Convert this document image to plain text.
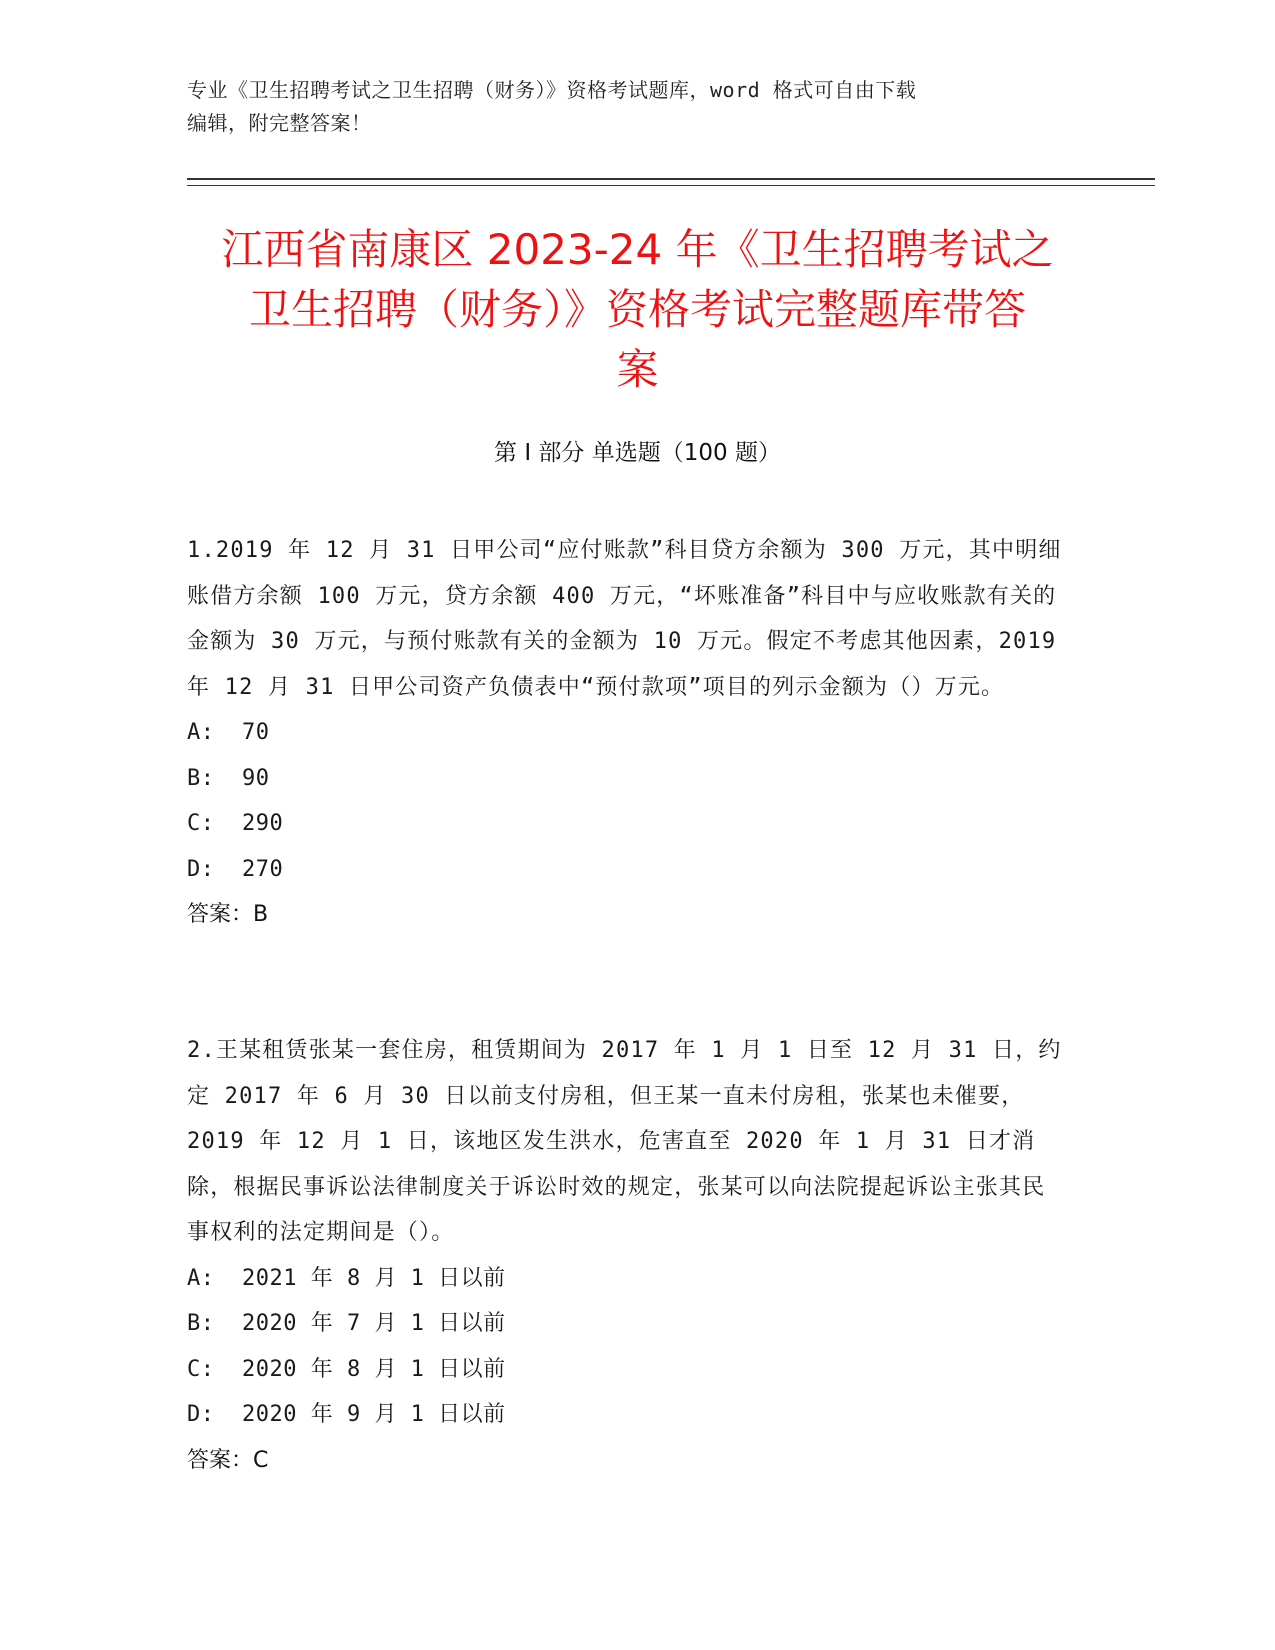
专业《卫生招聘考试之卫生招聘（财务）》资格考试题库，word 格式可自由下载
编辑，附完整答案！
江西省南康区 2023-24 年《卫生招聘考试之
卫生招聘（财务）》资格考试完整题库带答
案
第 I 部分 单选题（100 题）
1.2019 年 12 月 31 日甲公司“应付账款”科目贷方余额为 300 万元，其中明细账借方余额 100 万元，贷方余额 400 万元，“坏账准备”科目中与应收账款有关的金额为 30 万元，与预付账款有关的金额为 10 万元。假定不考虑其他因素，2019 年 12 月 31 日甲公司资产负债表中“预付款项”项目的列示金额为（）万元。
A:  70
B:  90
C:  290
D:  270
答案：B
2.王某租赁张某一套住房，租赁期间为 2017 年 1 月 1 日至 12 月 31 日，约定 2017 年 6 月 30 日以前支付房租，但王某一直未付房租，张某也未催要，2019 年 12 月 1 日，该地区发生洪水，危害直至 2020 年 1 月 31 日才消除，根据民事诉讼法律制度关于诉讼时效的规定，张某可以向法院提起诉讼主张其民事权利的法定期间是（）。
A:  2021 年 8 月 1 日以前
B:  2020 年 7 月 1 日以前
C:  2020 年 8 月 1 日以前
D:  2020 年 9 月 1 日以前
答案：C
